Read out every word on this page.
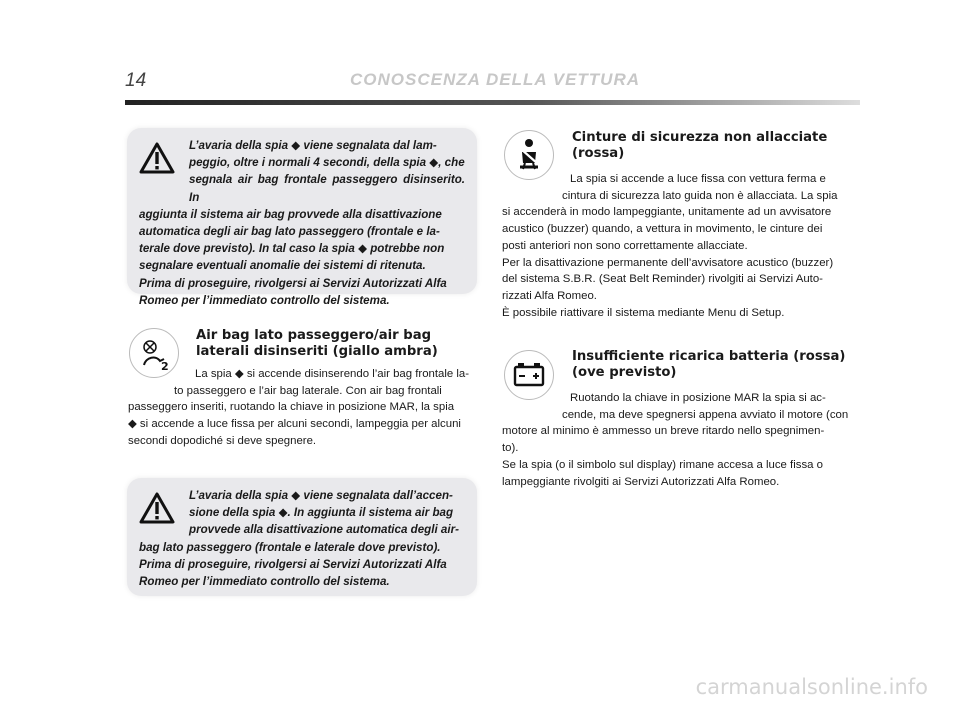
14	CONOSCENZA DELLA VETTURA
L’avaria della spia ◆ viene segnalata dal lam-
peggio, oltre i normali 4 secondi, della spia ◆, che
segnala air bag frontale passeggero disinserito. In
aggiunta il sistema air bag provvede alla disattivazione
automatica degli air bag lato passeggero (frontale e la-
terale dove previsto). In tal caso la spia ◆ potrebbe non
segnalare eventuali anomalie dei sistemi di ritenuta.
Prima di proseguire, rivolgersi ai Servizi Autorizzati Alfa
Romeo per l’immediato controllo del sistema.
2
Air bag lato passeggero/air bag
laterali disinseriti (giallo ambra)
La spia ◆ si accende disinserendo l’air bag frontale la-
to passeggero e l’air bag laterale. Con air bag frontali
passeggero inseriti, ruotando la chiave in posizione MAR, la spia
◆ si accende a luce fissa per alcuni secondi, lampeggia per alcuni
secondi dopodiché si deve spegnere.
L’avaria della spia ◆ viene segnalata dall’accen-
sione della spia ◆. In aggiunta il sistema air bag
provvede alla disattivazione automatica degli air-
bag lato passeggero (frontale e laterale dove previsto).
Prima di proseguire, rivolgersi ai Servizi Autorizzati Alfa
Romeo per l’immediato controllo del sistema.
Cinture di sicurezza non allacciate
(rossa)
La spia si accende a luce fissa con vettura ferma e
cintura di sicurezza lato guida non è allacciata. La spia
si accenderà in modo lampeggiante, unitamente ad un avvisatore
acustico (buzzer) quando, a vettura in movimento, le cinture dei
posti anteriori non sono correttamente allacciate.
Per la disattivazione permanente dell’avvisatore acustico (buzzer)
del sistema S.B.R. (Seat Belt Reminder) rivolgiti ai Servizi Auto-
rizzati Alfa Romeo.
È possibile riattivare il sistema mediante Menu di Setup.
Insufficiente ricarica batteria (rossa)
(ove previsto)
Ruotando la chiave in posizione MAR la spia si ac-
cende, ma deve spegnersi appena avviato il motore (con
motore al minimo è ammesso un breve ritardo nello spegnimen-
to).
Se la spia (o il simbolo sul display) rimane accesa a luce fissa o
lampeggiante rivolgiti ai Servizi Autorizzati Alfa Romeo.
carmanualsonline.info
